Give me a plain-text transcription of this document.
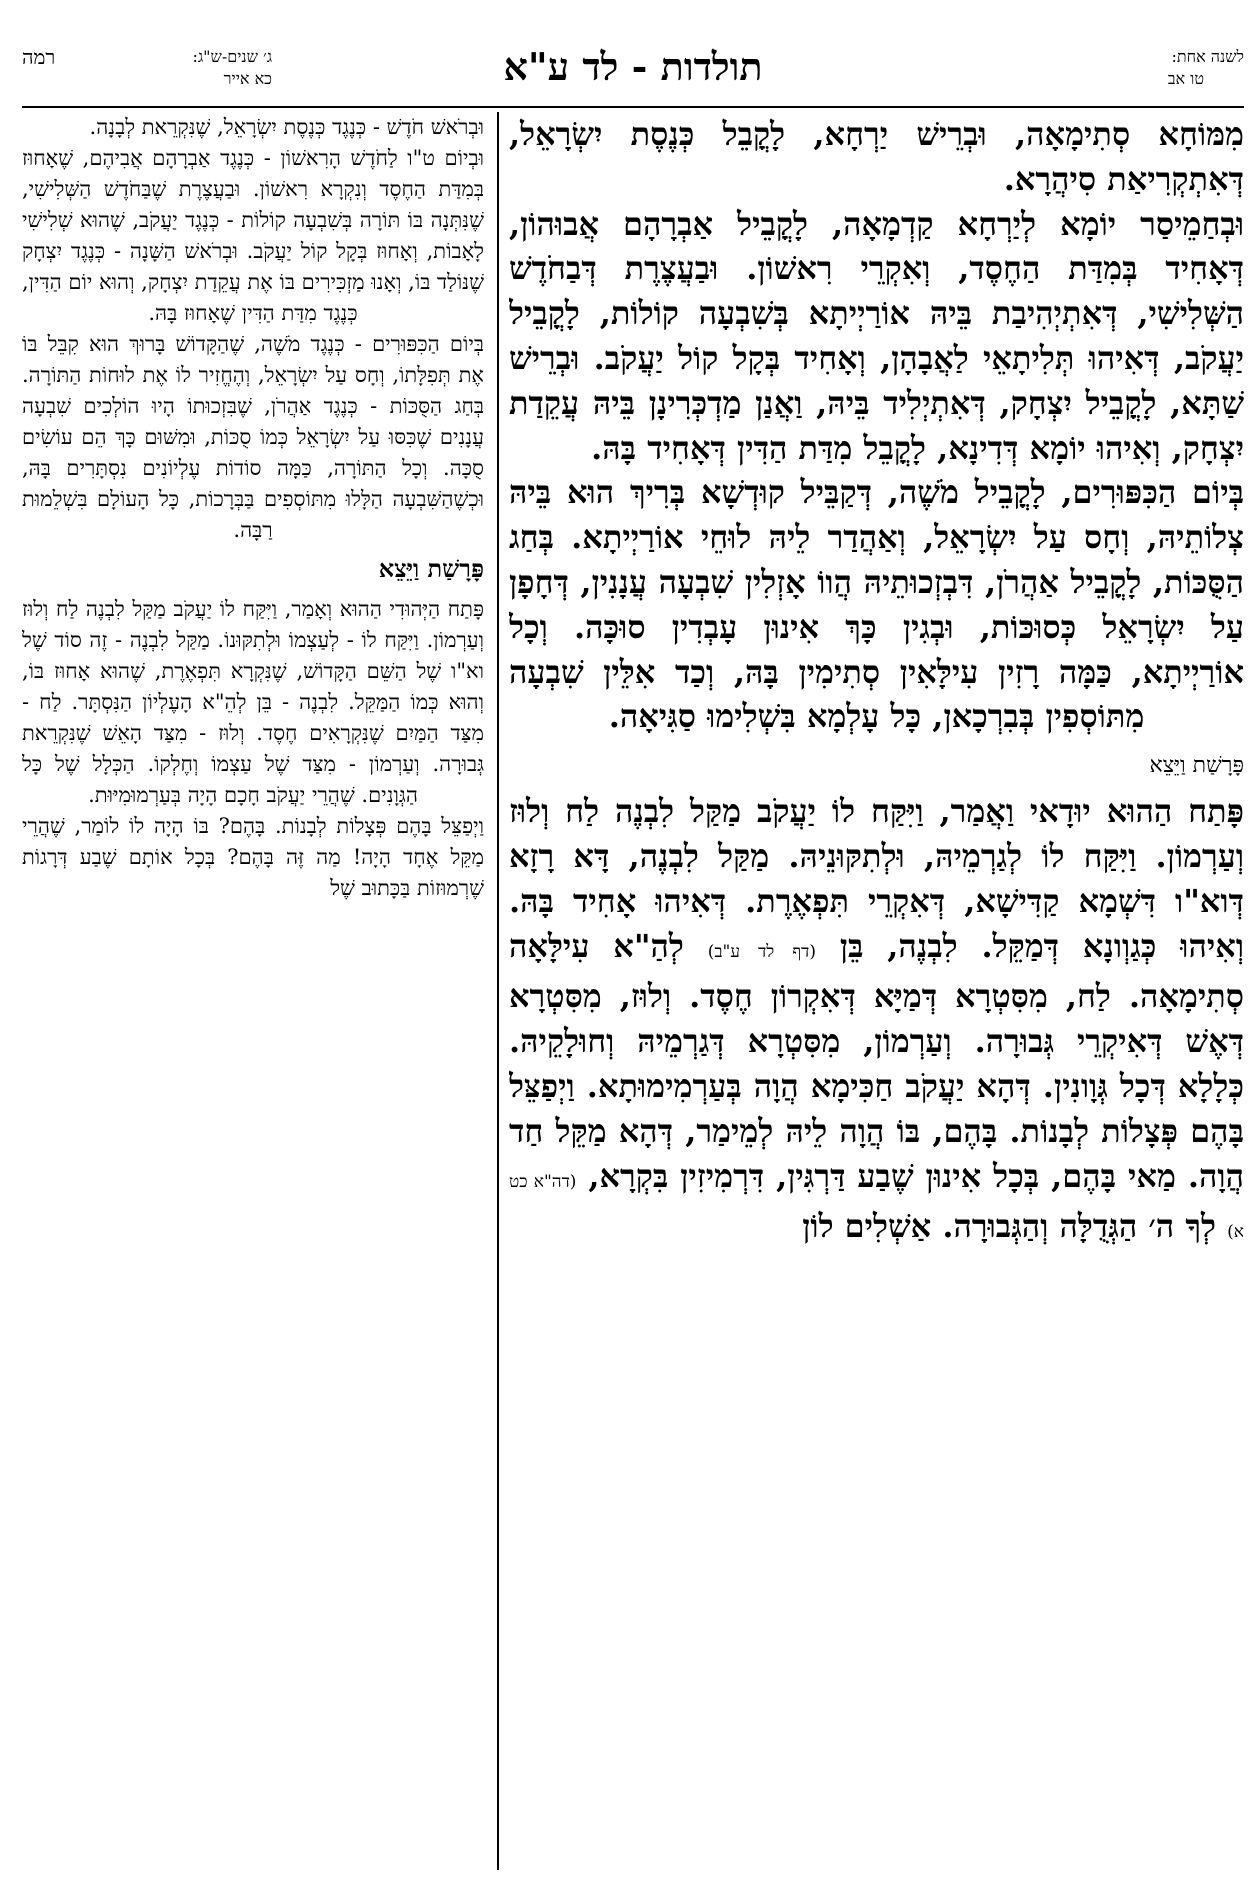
לשנה אחת:
טו אב
תולדות - לד ע"א
ג׳ שנים-ש"ג:
כא אייר
רמה

מִמּוֹחָא סְתִימָאָה, וּבְרֵישׁ יַרְחָא, לָקֳבֵל כְּנֶסֶת יִשְׂרָאֵל, דְּאִתְקְרִיאַת סִיהֲרָא.

וּבְחַמֵיסַר יוֹמָא לְיַרְחָא קַדְמָאָה, לָקֳבֵיל אַבְרָהָם אֲבוּהוֹן, דְּאָחִיד בְּמִדַּת הַחֶסֶד, וְאִקְרֵי רִאשׁוֹן. וּבַעֲצֶרֶת דְּבַחֹדֶשׁ הַשְּׁלִישִׁי, דְּאִתְיְהִיבַת בֵּיהּ אוֹרַיְיתָא בְּשִׁבְעָה קוֹלוֹת, לָקֳבֵיל יַעֲקֹב, דְּאִיהוּ תְּלִיתָאֵי לַאֲבָהָן, וְאָחִיד בְּקָל קוֹל יַעֲקֹב. וּבְרֵישׁ שַׁתָּא, לָקֳבֵיל יִצְחָק, דְּאִתְיְלִיד בֵּיהּ, וַאֲנַן מַדְכְּרִינָן בֵּיהּ עֲקֵדַת יִצְחָק, וְאִיהוּ יוֹמָא דְּדִינָא, לָקֳבֵל מִדַּת הַדִּין דְּאָחִיד בָּהּ.

בְּיוֹם הַכִּפּוּרִים, לָקֳבֵיל מֹשֶׁה, דְּקַבֵּיל קוּדְשָׁא בְּרִיךְ הוּא בֵּיהּ צְלוֹתֵיהּ, וְחָס עַל יִשְׂרָאֵל, וְאַהֲדַר לֵיהּ לוּחֵי אוֹרַיְיתָא. בְּחַג הַסֻּכּוֹת, לָקֳבֵיל אַהֲרֹן, דִּבְזְכוּתֵיהּ הֲווֹ אָזְלִין שִׁבְעָה עֲנָנִין, דְּחָפָן עַל יִשְׂרָאֵל כְּסוּכּוֹת, וּבְגִין כָּךְ אִינוּן עָבְדִין סוּכָּה. וְכָל אוֹרַיְיתָא, כַּמָּה רָזִין עִילָּאִין סְתִימִין בָּהּ, וְכַד אִלֵּין שִׁבְעָה מִתּוֹסְפִין בְּבִרְכָאן, כָּל עָלְמָא בִּשְׁלִימוּ סַגִּיאָה.

פָּרָשַׁת וַיֵּצֵא

פָּתַח הַהוּא יוּדָאי וַאֲמַר, וַיִּקַּח לוֹ יַעֲקֹב מַקַּל לִבְנֶה לַח וְלוּז וְעַרְמוֹן. וַיִּקַּח לוֹ לְגַרְמֵיהּ, וּלְתִקּוּנֵיהּ. מַקַּל לִבְנֶה, דָּא רָזָא דְּוא"ו דִּשְׁמָא קַדִּישָׁא, דְּאִקְרֵי תִּפְאֶרֶת. דְּאִיהוּ אָחִיד בָּהּ. וְאִיהוּ כְּגַוְונָא דְּמַקֵּל. לִבְנֶה, בֵּן (דף לד ע"ב) לְהַ"א עִילָּאָה סְתִימָאָה. לַח, מִסִּטְרָא דְּמַיָּא דְּאִקְרוֹן חֶסֶד. וְלוּז, מִסִּטְרָא דְּאֶשׁ דְּאִיקְרֵי גְּבוּרָה. וְעַרְמוֹן, מִסִּטְרָא דְּגַרְמֵיהּ וְחוּלָקֵיהּ. כְּלָלָא דְּכָל גְּוָונִין. דְּהָא יַעֲקֹב חַכִּימָא הֲוָה בְּעַרְמִימוּתָא. וַיְפַצֵּל בָּהֶם פְּצָלוֹת לְבָנוֹת. בָּהֶם, בּוֹ הֲוָה לֵיהּ לְמֵימַר, דְּהָא מַקֵּל חַד הֲוָה. מַאי בָּהֶם, בְּכָל אִינוּן שֶׁבַע דַּרְגִּין, דִּרְמִיזִין בִּקְרָא, (דה"א כט א) לְךָ ה׳ הַגְּדֻלָּה וְהַגְּבוּרָה. אַשְׁלִים לוֹן

וּבְרֹאשׁ חֹדֶשׁ - כְּנֶגֶד כְּנֶסֶת יִשְׂרָאֵל, שֶׁנִּקְרֵאת לְבָנָה.

וּבְיוֹם ט"ו לַחֹדֶשׁ הָרִאשׁוֹן - כְּנֶגֶד אַבְרָהָם אֲבִיהֶם, שֶׁאָחוּז בְּמִדַּת הַחֶסֶד וְנִקְרָא רִאשׁוֹן. וּבַעֲצֶרֶת שֶׁבַּחֹדֶשׁ הַשְּׁלִישִׁי, שֶׁנִּתְּנָה בּוֹ תּוֹרָה בְּשִׁבְעָה קוֹלוֹת - כְּנֶגֶד יַעֲקֹב, שֶׁהוּא שְׁלִישִׁי לָאָבוֹת, וְאָחוּז בְּקָל קוֹל יַעֲקֹב. וּבְרֹאשׁ הַשָּׁנָה - כְּנֶגֶד יִצְחָק שֶׁנּוֹלַד בּוֹ, וְאָנוּ מַזְכִּירִים בּוֹ אֶת עֲקֵדַת יִצְחָק, וְהוּא יוֹם הַדִּין, כְּנֶגֶד מִדַּת הַדִּין שֶׁאָחוּז בָּהּ.

בְּיוֹם הַכִּפּוּרִים - כְּנֶגֶד מֹשֶׁה, שֶׁהַקָּדוֹשׁ בָּרוּךְ הוּא קִבֵּל בּוֹ אֶת תְּפִלָּתוֹ, וְחָס עַל יִשְׂרָאֵל, וְהֶחֱזִיר לוֹ אֶת לוּחוֹת הַתּוֹרָה. בְּחַג הַסֻּכּוֹת - כְּנֶגֶד אַהֲרֹן, שֶׁבִּזְכוּתוֹ הָיוּ הוֹלְכִים שִׁבְעָה עֲנָנִים שֶׁכִּסּוּ עַל יִשְׂרָאֵל כְּמוֹ סֻכּוֹת, וּמִשּׁוּם כָּךְ הֵם עוֹשִׂים סֻכָּה. וְכָל הַתּוֹרָה, כַּמָּה סוֹדוֹת עֶלְיוֹנִים נִסְתָּרִים בָּהּ, וּכְשֶׁהַשִּׁבְעָה הַלָּלוּ מִתּוֹסְפִים בַּבְּרָכוֹת, כָּל הָעוֹלָם בִּשְׁלֵמוּת רַבָּה.

פָּרָשַׁת וַיֵּצֵא

פָּתַח הַיְּהוּדִי הַהוּא וְאָמַר, וַיִּקַּח לוֹ יַעֲקֹב מַקַּל לִבְנֶה לַח וְלוּז וְעַרְמוֹן. וַיִּקַּח לוֹ - לְעַצְמוֹ וּלְתִקּוּנוֹ. מַקַּל לִבְנֶה - זֶה סוֹד שֶׁל וא"ו שֶׁל הַשֵּׁם הַקָּדוֹשׁ, שֶׁנִּקְרָא תִּפְאֶרֶת, שֶׁהוּא אָחוּז בּוֹ, וְהוּא כְּמוֹ הַמַּקֵּל. לִבְנֶה - בֵּן לְהֵ"א הָעֶלְיוֹן הַנִּסְתָּר. לַח - מִצַּד הַמַּיִם שֶׁנִּקְרָאִים חֶסֶד. וְלוּז - מִצַּד הָאֵשׁ שֶׁנִּקְרֵאת גְּבוּרָה. וְעַרְמוֹן - מִצַּד שֶׁל עַצְמוֹ וְחֶלְקוֹ. הַכְּלָל שֶׁל כָּל הַגְּוָנִים. שֶׁהֲרֵי יַעֲקֹב חָכָם הָיָה בְּעַרְמוּמִיּוּת.

וַיְפַצֵּל בָּהֶם פְּצָלוֹת לְבָנוֹת. בָּהֶם? בּוֹ הָיָה לוֹ לוֹמַר, שֶׁהֲרֵי מַקֵּל אֶחָד הָיָה! מַה זֶּה בָּהֶם? בְּכָל אוֹתָם שֶׁבַע דְּרָגוֹת שֶׁרְמוּזוֹת בַּכָּתוּב שֶׁל
